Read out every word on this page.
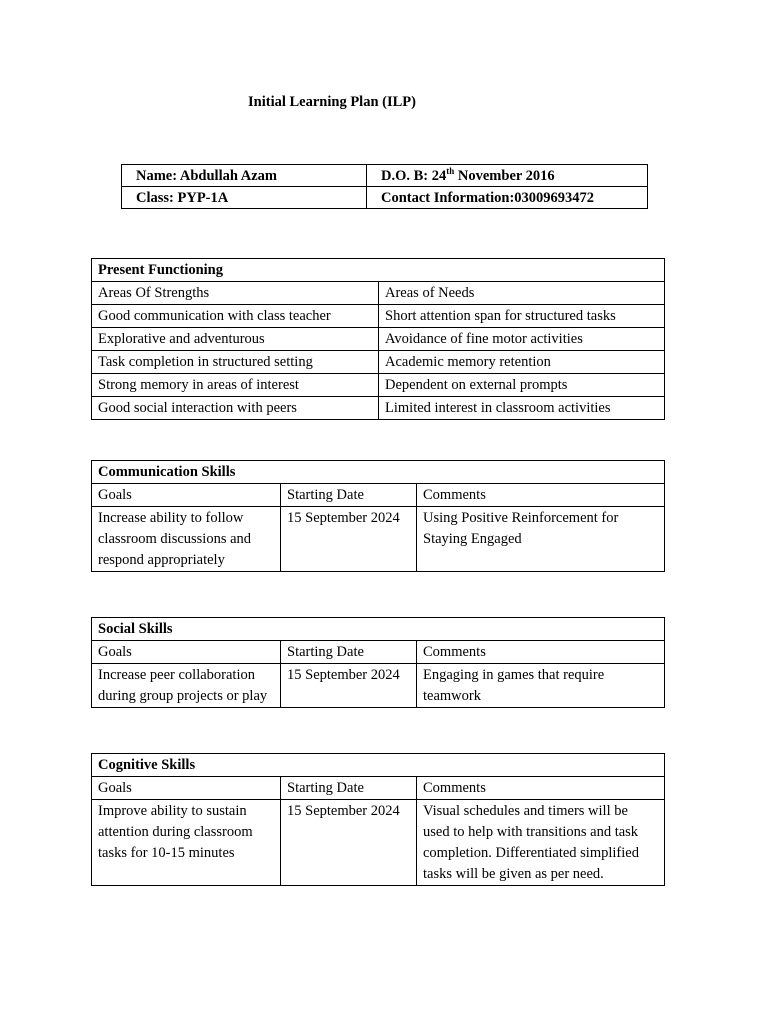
Initial Learning Plan (ILP)
Name: Abdullah Azam	D.O. B: 24th November 2016
Class: PYP-1A	Contact Information:03009693472
Present Functioning	
Areas Of Strengths	Areas of Needs
Good communication with class teacher	Short attention span for structured tasks
Explorative and adventurous	Avoidance of fine motor activities
Task completion in structured setting	Academic memory retention
Strong memory in areas of interest	Dependent on external prompts
Good social interaction with peers	Limited interest in classroom activities
Communication Skills		
Goals	Starting Date	Comments
Increase ability to follow classroom discussions and respond appropriately	15 September 2024	Using Positive Reinforcement for Staying Engaged
Social Skills		
Goals	Starting Date	Comments
Increase peer collaboration during group projects or play	15 September 2024	Engaging in games that require teamwork
Cognitive Skills		
Goals	Starting Date	Comments
Improve ability to sustain attention during classroom tasks for 10-15 minutes	15 September 2024	Visual schedules and timers will be used to help with transitions and task completion. Differentiated simplified tasks will be given as per need.
